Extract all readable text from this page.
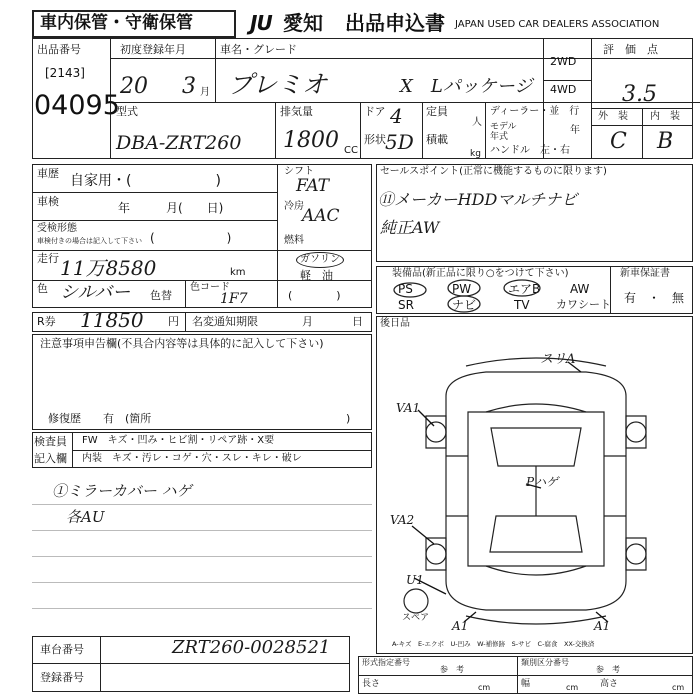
車内保管・守衛保管	JU 愛知 出品申込書 JAPAN USED CAR DEALERS ASSOCIATION
出品番号
[2143]
04095
初度登録年月
20 3 月
車名・グレード
プレミオ	X　Lパッケージ
2WD
4WD
評　価　点
3.5
外　装 内　装
C B
型式
DBA-ZRT260
排気量
1800 CC
ドア 4
形状 5D
定員
人
積載
kg
ディーラー・並　行
モデル
年式
年
ハンドル　左・右
車歴 自家用・(　　　　　　)
車検	年　　　月(　　日)
受検形態
車検付きの場合は記入して下さい (　　　　　　)
走行 11万8580	km
色 シルバー 色替
色コード
1F7
シフト
FAT
冷房
AAC
燃料
ガソリン
軽　油
(　　　　)
セールスポイント(正常に機能するものに限ります)
⑪メーカーHDDマルチナビ
純正AW
装備品(新正品に限り○をつけて下さい)
PS	PW	エアB AW
SR	ナビ	TV カワシート
新車保証書
有　・　無
R券 11850 円 名変通知期限	月	日
注意事項申告欄(不具合内容等は具体的に記入して下さい)
修復歴　　有　(箇所	)
検査員
記入欄
FW　キズ・凹み・ヒビ割・リペア跡・X要
内装　キズ・汚レ・コゲ・穴・スレ・キレ・破レ
①ミラーカバー ハゲ
各AU
後日品
スリA
VA1
VA2
U1
Pハゲ
A1	A1
スペア
A-キズ　E-エクボ　U-凹み　W-補修跡　S-サビ　C-腐食　XX-交換済
車台番号	ZRT260-0028521
登録番号
形式指定番号	類別区分番号
参　考	参　考
長さ	cm	幅	cm 高さ	cm
